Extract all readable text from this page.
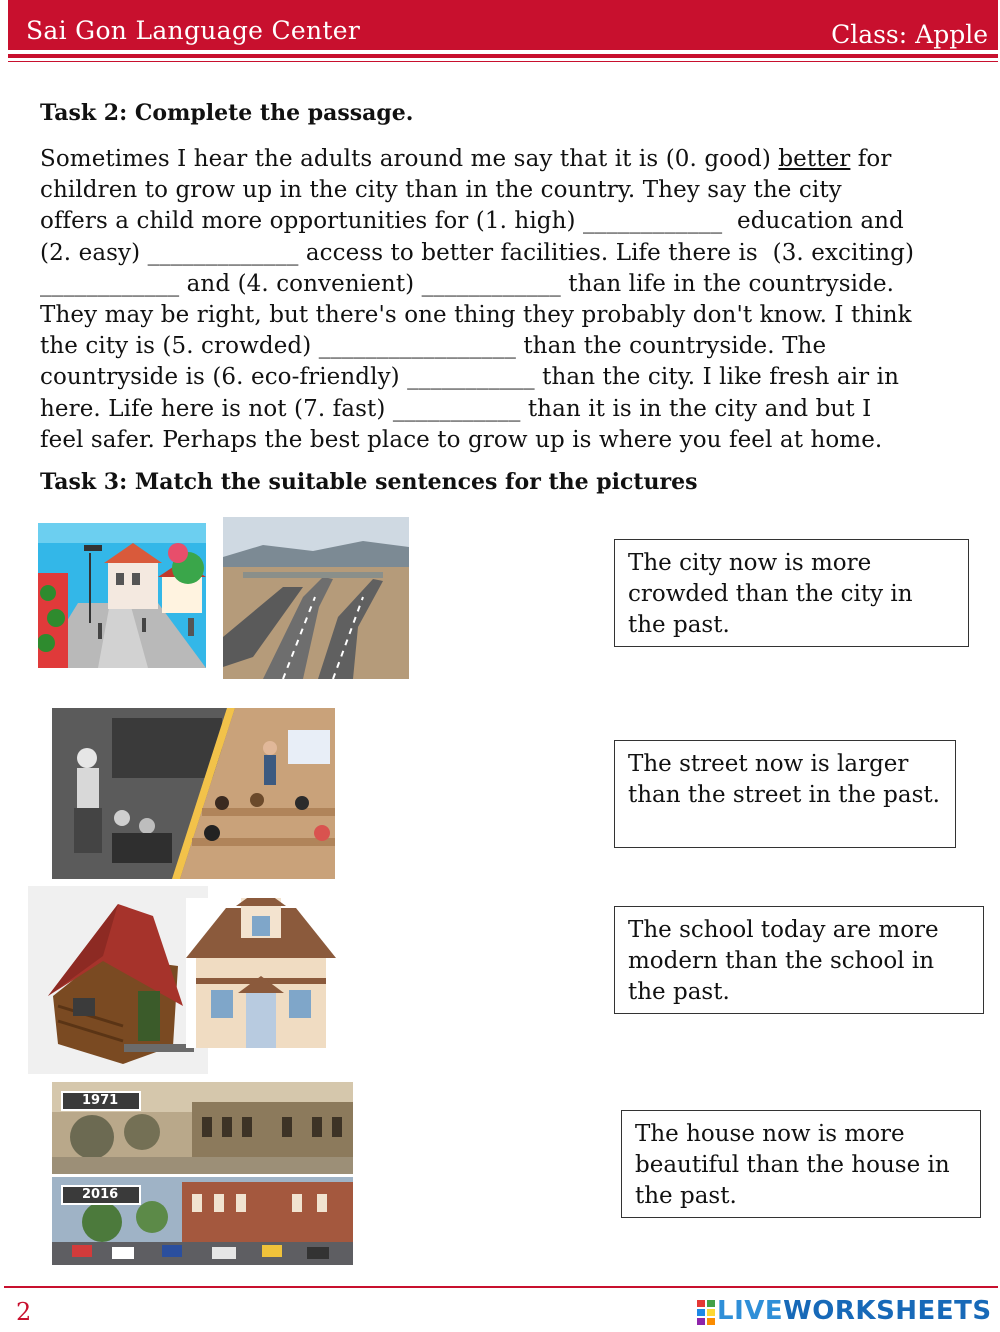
Sai Gon Language Center	Class: Apple
Task 2: Complete the passage.
Sometimes I hear the adults around me say that it is (0. good) better for
children to grow up in the city than in the country. They say the city
offers a child more opportunities for (1. high) ____________  education and
(2. easy) _____________ access to better facilities. Life there is  (3. exciting)
____________ and (4. convenient) ____________ than life in the countryside.
They may be right, but there's one thing they probably don't know. I think
the city is (5. crowded) _________________ than the countryside. The
countryside is (6. eco-friendly) ___________ than the city. I like fresh air in
here. Life here is not (7. fast) ___________ than it is in the city and but I
feel safer. Perhaps the best place to grow up is where you feel at home.
Task 3: Match the suitable sentences for the pictures
1971
2016
The city now is more crowded than the city in the past.
The street now is larger than the street in the past.
The school today are more modern than the school in the past.
The house now is more beautiful than the house in the past.
2	LIVEWORKSHEETS
